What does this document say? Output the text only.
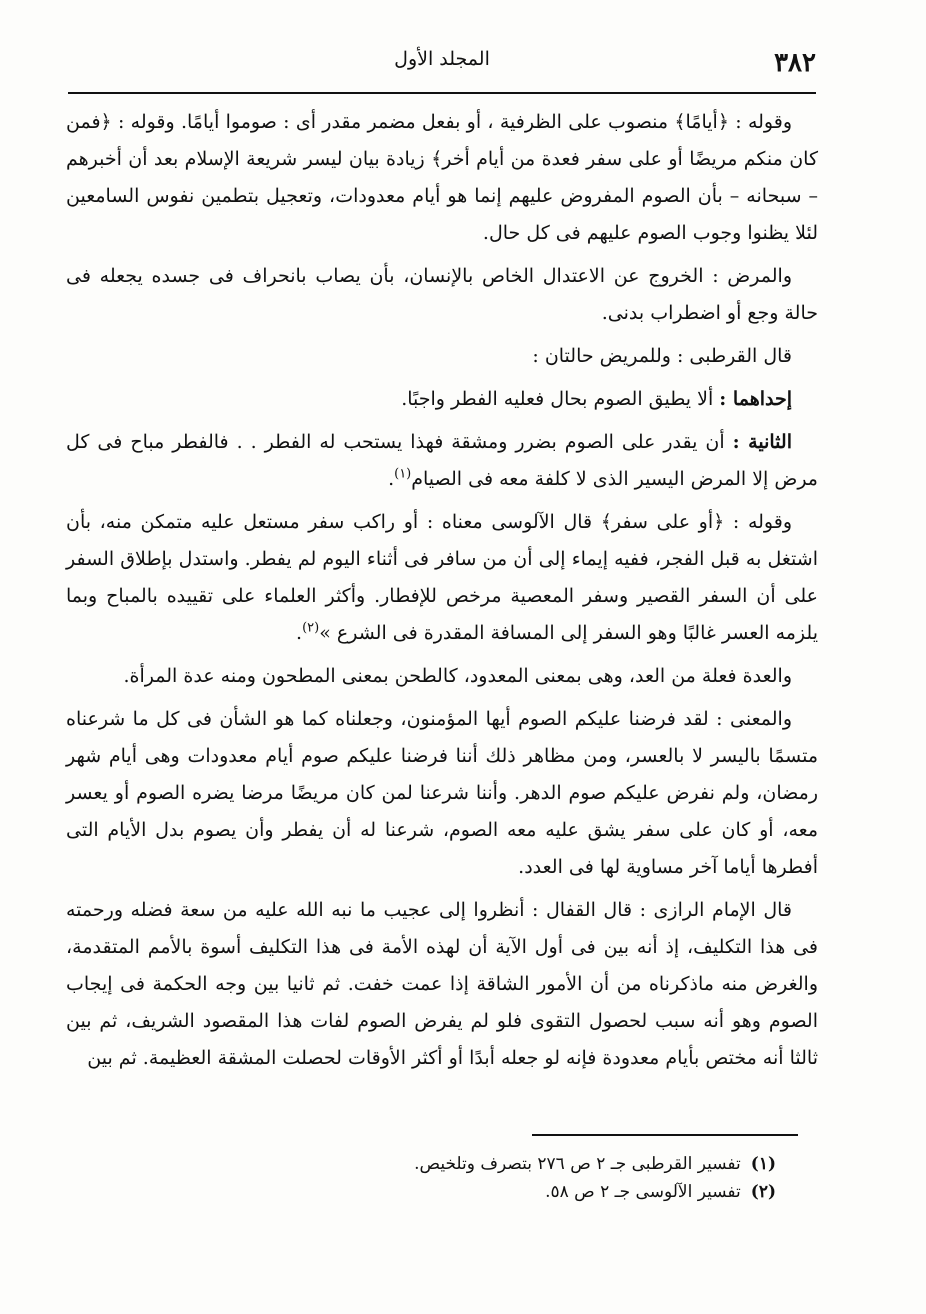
٣٨٢
المجلد الأول

وقوله : ﴿أيامًا﴾ منصوب على الظرفية ، أو بفعل مضمر مقدر أى : صوموا أيامًا. وقوله : ﴿فمن كان منكم مريضًا أو على سفر فعدة من أيام أخر﴾ زيادة بيان ليسر شريعة الإسلام بعد أن أخبرهم – سبحانه – بأن الصوم المفروض عليهم إنما هو أيام معدودات، وتعجيل بتطمين نفوس السامعين لئلا يظنوا وجوب الصوم عليهم فى كل حال.

والمرض : الخروج عن الاعتدال الخاص بالإنسان، بأن يصاب بانحراف فى جسده يجعله فى حالة وجع أو اضطراب بدنى.

قال القرطبى : وللمريض حالتان :

إحداهما : ألا يطيق الصوم بحال فعليه الفطر واجبًا.

الثانية : أن يقدر على الصوم بضرر ومشقة فهذا يستحب له الفطر . . فالفطر مباح فى كل مرض إلا المرض اليسير الذى لا كلفة معه فى الصيام$^{(١)}$.

وقوله : ﴿أو على سفر﴾ قال الآلوسى معناه : أو راكب سفر مستعل عليه متمكن منه، بأن اشتغل به قبل الفجر، ففيه إيماء إلى أن من سافر فى أثناء اليوم لم يفطر. واستدل بإطلاق السفر على أن السفر القصير وسفر المعصية مرخص للإفطار. وأكثر العلماء على تقييده بالمباح وبما يلزمه العسر غالبًا وهو السفر إلى المسافة المقدرة فى الشرع »$^{(٢)}$.

والعدة فعلة من العد، وهى بمعنى المعدود، كالطحن بمعنى المطحون ومنه عدة المرأة.

والمعنى : لقد فرضنا عليكم الصوم أيها المؤمنون، وجعلناه كما هو الشأن فى كل ما شرعناه متسمًا باليسر لا بالعسر، ومن مظاهر ذلك أننا فرضنا عليكم صوم أيام معدودات وهى أيام شهر رمضان، ولم نفرض عليكم صوم الدهر. وأننا شرعنا لمن كان مريضًا مرضا يضره الصوم أو يعسر معه، أو كان على سفر يشق عليه معه الصوم، شرعنا له أن يفطر وأن يصوم بدل الأيام التى أفطرها أياما آخر مساوية لها فى العدد.

قال الإمام الرازى : قال القفال : أنظروا إلى عجيب ما نبه الله عليه من سعة فضله ورحمته فى هذا التكليف، إذ أنه بين فى أول الآية أن لهذه الأمة فى هذا التكليف أسوة بالأمم المتقدمة، والغرض منه ماذكرناه من أن الأمور الشاقة إذا عمت خفت. ثم ثانيا بين وجه الحكمة فى إيجاب الصوم وهو أنه سبب لحصول التقوى فلو لم يفرض الصوم لفات هذا المقصود الشريف، ثم بين ثالثا أنه مختص بأيام معدودة فإنه لو جعله أبدًا أو أكثر الأوقات لحصلت المشقة العظيمة. ثم بين

(١)تفسير القرطبى جـ ٢ ص ٢٧٦ بتصرف وتلخيص.

(٢)تفسير الآلوسى جـ ٢ ص ٥٨.
